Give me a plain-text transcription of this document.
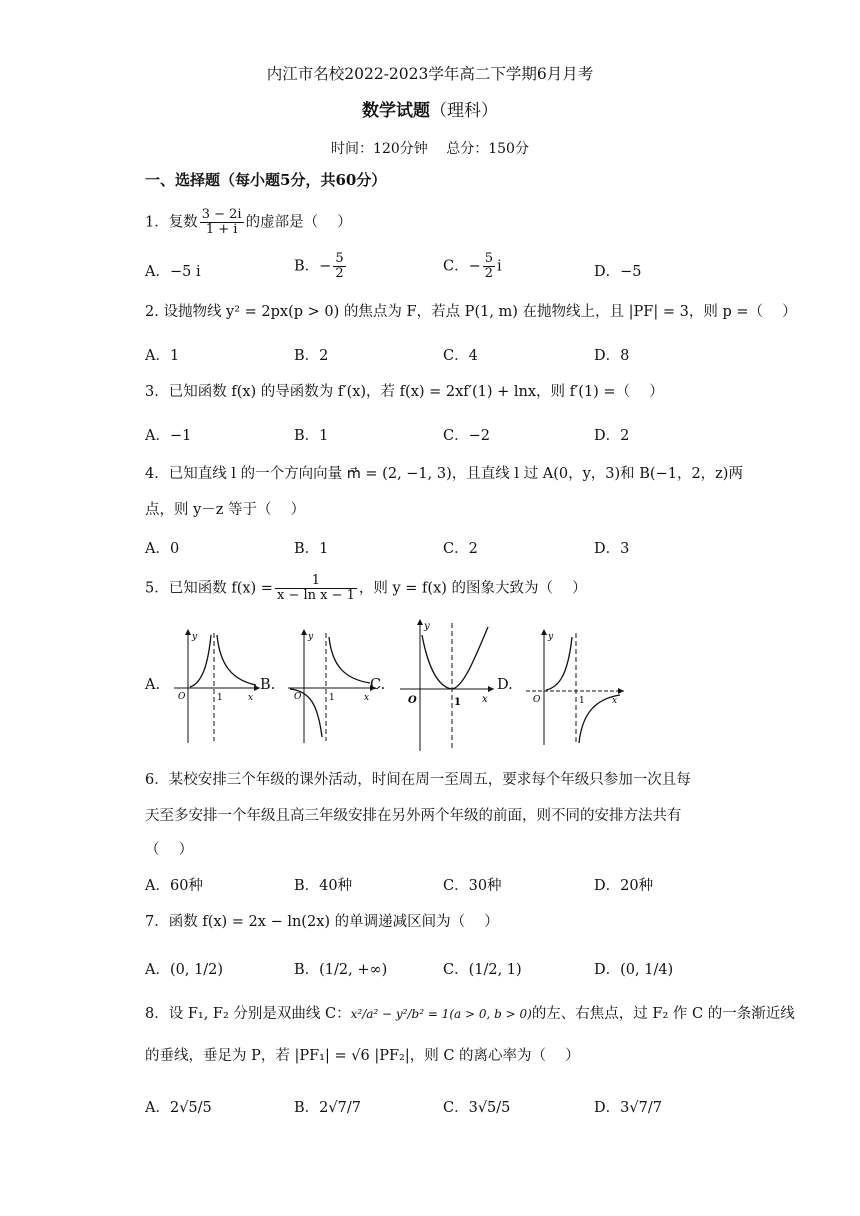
内江市名校2022-2023学年高二下学期6月月考
数学试题（理科）
时间：120分钟　 总分：150分
一、选择题（每小题5分，共60分）
1．复数 $\frac{3 - 2i}{1 + i}$ 的虚部是（　 ）
A．−5 i	B．− $\frac{5}{2}$	C．− $\frac{5}{2}$ i	D．−5
2. 设抛物线 y² = 2px(p > 0) 的焦点为 F，若点 P(1, m) 在抛物线上，且 |PF| = 3，则 p =（　 ）
A．1	B．2	C．4	D．8
3．已知函数 f(x) 的导函数为 f′(x)，若 f(x) = 2xf′(1) + lnx，则 f′(1) =（　 ）
A．−1	B．1	C．−2	D．2
4．已知直线 l 的一个方向向量 m⃗ = (2, −1, 3)，且直线 l 过 A(0，y，3)和 B(−1，2，z)两
点，则 y－z 等于（　 ）
A．0	B．1	C．2	D．3
5．已知函数 $f(x) = \frac{1}{\text{x − ln x − 1}}$ ，则 y = f(x) 的图象大致为（　 ）
A.
O
y
x
1
B.
O
y
x
1
C.
O
y
x
1
D.
O
y
x
1
6．某校安排三个年级的课外活动，时间在周一至周五，要求每个年级只参加一次且每
天至多安排一个年级且高三年级安排在另外两个年级的前面，则不同的安排方法共有
（　 ）
A．60种	B．40种	C．30种	D．20种
7．函数 f(x) = 2x − ln(2x) 的单调递减区间为（　 ）
A．(0, 1/2)	B．(1/2, +∞)	C．(1/2, 1)	D．(0, 1/4)
8．设 F₁, F₂ 分别是双曲线 C：x²/a² − y²/b² = 1(a > 0, b > 0)的左、右焦点，过 F₂ 作 C 的一条渐近线
的垂线，垂足为 P，若 |PF₁| = √6 |PF₂|，则 C 的离心率为（　 ）
A．2√5/5	B．2√7/7	C．3√5/5	D．3√7/7
